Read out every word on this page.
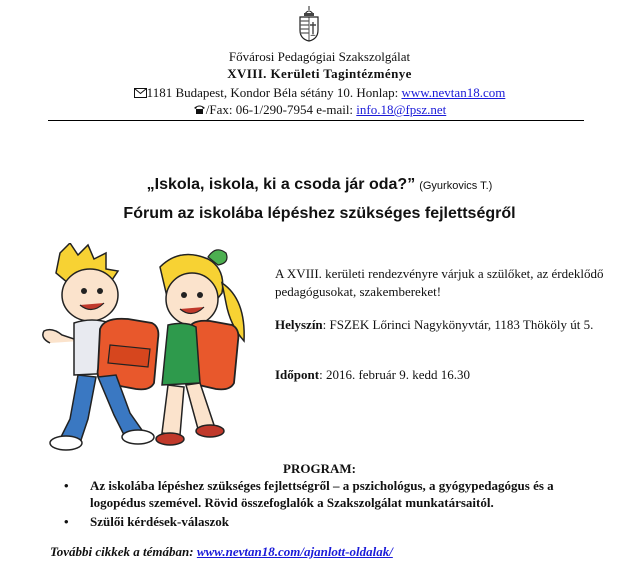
Fővárosi Pedagógiai Szakszolgálat
XVIII. Kerületi Tagintézménye
1181 Budapest, Kondor Béla sétány 10. Honlap: www.nevtan18.com
/Fax: 06-1/290-7954 e-mail: info.18@fpsz.net
„Iskola, iskola, ki a csoda jár oda?” (Gyurkovics T.)
Fórum az iskolába lépéshez szükséges fejlettségről
A XVIII. kerületi rendezvényre várjuk a szülőket, az érdeklődő pedagógusokat, szakembereket!
Helyszín: FSZEK Lőrinci Nagykönyvtár, 1183 Thököly út 5.
Időpont: 2016. február 9. kedd 16.30
PROGRAM:
• Az iskolába lépéshez szükséges fejlettségről – a pszichológus, a gyógypedagógus és a logopédus szemével. Rövid összefoglalók a Szakszolgálat munkatársaitól.
• Szülői kérdések-válaszok
További cikkek a témában: www.nevtan18.com/ajanlott-oldalak/
